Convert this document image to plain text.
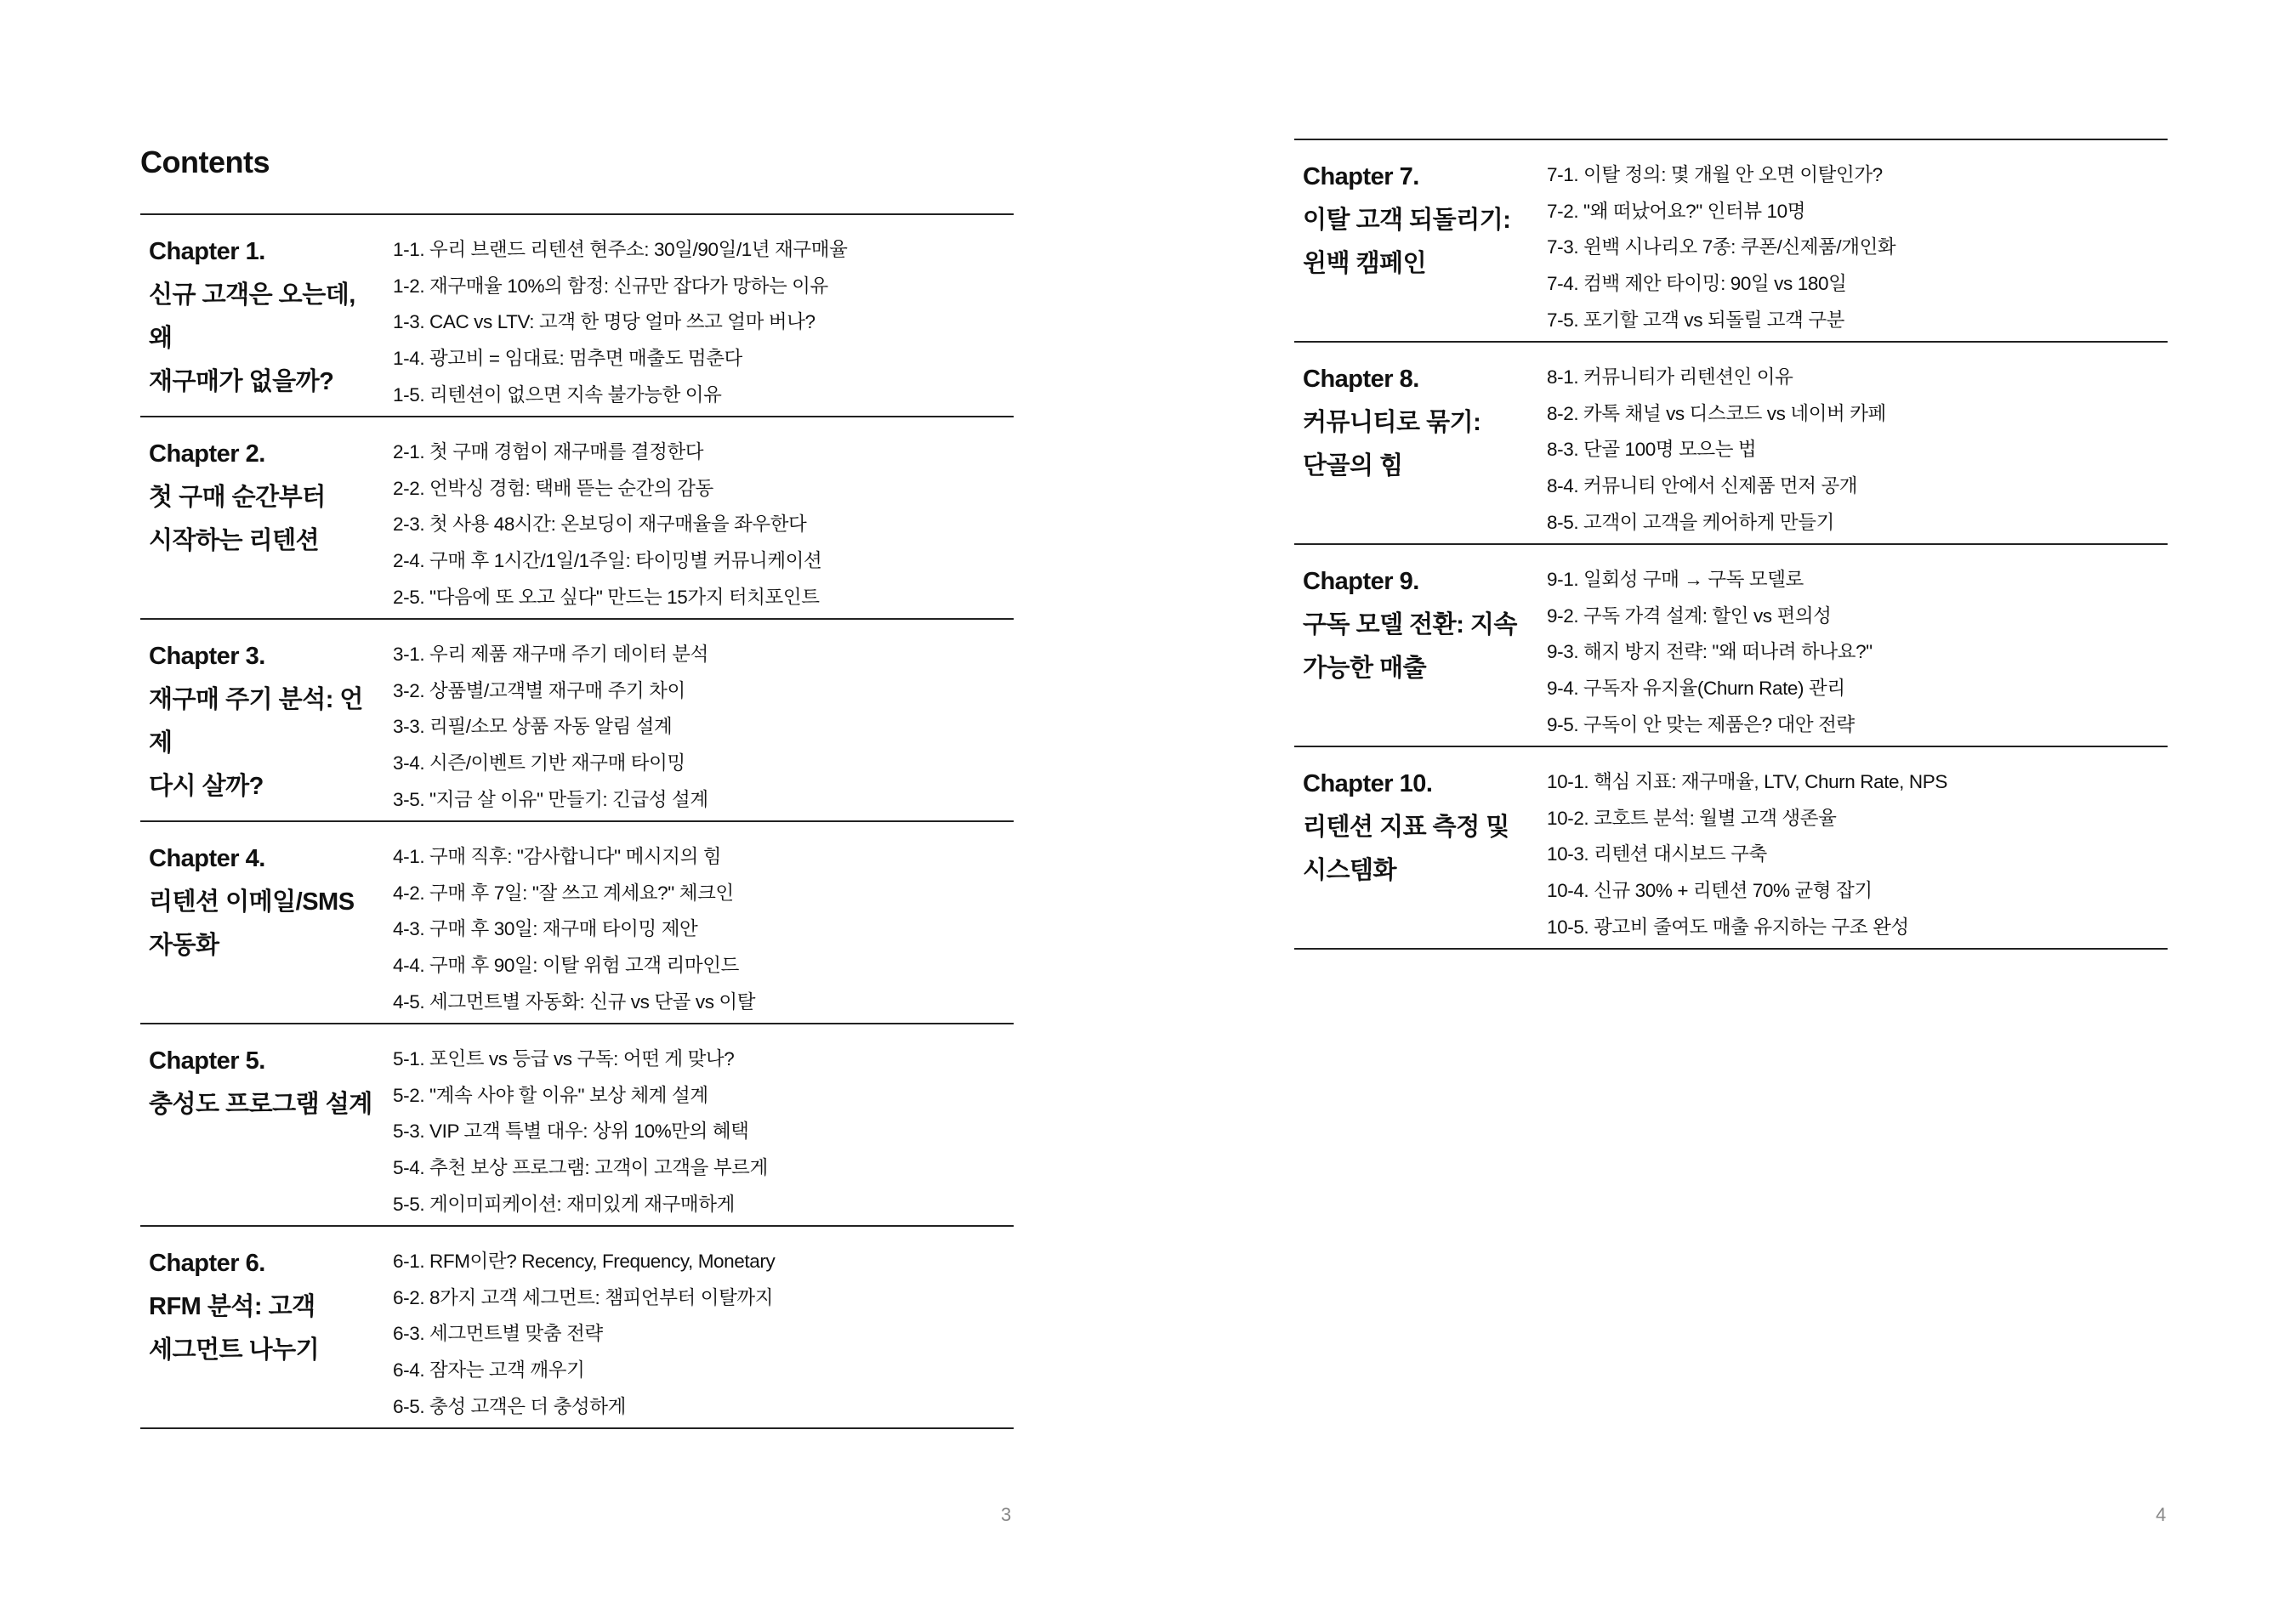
Contents
Chapter 1.
신규 고객은 오는데, 왜
재구매가 없을까?
1-1. 우리 브랜드 리텐션 현주소: 30일/90일/1년 재구매율
1-2. 재구매율 10%의 함정: 신규만 잡다가 망하는 이유
1-3. CAC vs LTV: 고객 한 명당 얼마 쓰고 얼마 버나?
1-4. 광고비 = 임대료: 멈추면 매출도 멈춘다
1-5. 리텐션이 없으면 지속 불가능한 이유
Chapter 2.
첫 구매 순간부터
시작하는 리텐션
2-1. 첫 구매 경험이 재구매를 결정한다
2-2. 언박싱 경험: 택배 뜯는 순간의 감동
2-3. 첫 사용 48시간: 온보딩이 재구매율을 좌우한다
2-4. 구매 후 1시간/1일/1주일: 타이밍별 커뮤니케이션
2-5. "다음에 또 오고 싶다" 만드는 15가지 터치포인트
Chapter 3.
재구매 주기 분석: 언제
다시 살까?
3-1. 우리 제품 재구매 주기 데이터 분석
3-2. 상품별/고객별 재구매 주기 차이
3-3. 리필/소모 상품 자동 알림 설계
3-4. 시즌/이벤트 기반 재구매 타이밍
3-5. "지금 살 이유" 만들기: 긴급성 설계
Chapter 4.
리텐션 이메일/SMS
자동화
4-1. 구매 직후: "감사합니다" 메시지의 힘
4-2. 구매 후 7일: "잘 쓰고 계세요?" 체크인
4-3. 구매 후 30일: 재구매 타이밍 제안
4-4. 구매 후 90일: 이탈 위험 고객 리마인드
4-5. 세그먼트별 자동화: 신규 vs 단골 vs 이탈
Chapter 5.
충성도 프로그램 설계
5-1. 포인트 vs 등급 vs 구독: 어떤 게 맞나?
5-2. "계속 사야 할 이유" 보상 체계 설계
5-3. VIP 고객 특별 대우: 상위 10%만의 혜택
5-4. 추천 보상 프로그램: 고객이 고객을 부르게
5-5. 게이미피케이션: 재미있게 재구매하게
Chapter 6.
RFM 분석: 고객
세그먼트 나누기
6-1. RFM이란? Recency, Frequency, Monetary
6-2. 8가지 고객 세그먼트: 챔피언부터 이탈까지
6-3. 세그먼트별 맞춤 전략
6-4. 잠자는 고객 깨우기
6-5. 충성 고객은 더 충성하게
3
Chapter 7.
이탈 고객 되돌리기:
윈백 캠페인
7-1. 이탈 정의: 몇 개월 안 오면 이탈인가?
7-2. "왜 떠났어요?" 인터뷰 10명
7-3. 윈백 시나리오 7종: 쿠폰/신제품/개인화
7-4. 컴백 제안 타이밍: 90일 vs 180일
7-5. 포기할 고객 vs 되돌릴 고객 구분
Chapter 8.
커뮤니티로 묶기:
단골의 힘
8-1. 커뮤니티가 리텐션인 이유
8-2. 카톡 채널 vs 디스코드 vs 네이버 카페
8-3. 단골 100명 모으는 법
8-4. 커뮤니티 안에서 신제품 먼저 공개
8-5. 고객이 고객을 케어하게 만들기
Chapter 9.
구독 모델 전환: 지속
가능한 매출
9-1. 일회성 구매 → 구독 모델로
9-2. 구독 가격 설계: 할인 vs 편의성
9-3. 해지 방지 전략: "왜 떠나려 하나요?"
9-4. 구독자 유지율(Churn Rate) 관리
9-5. 구독이 안 맞는 제품은? 대안 전략
Chapter 10.
리텐션 지표 측정 및
시스템화
10-1. 핵심 지표: 재구매율, LTV, Churn Rate, NPS
10-2. 코호트 분석: 월별 고객 생존율
10-3. 리텐션 대시보드 구축
10-4. 신규 30% + 리텐션 70% 균형 잡기
10-5. 광고비 줄여도 매출 유지하는 구조 완성
4
